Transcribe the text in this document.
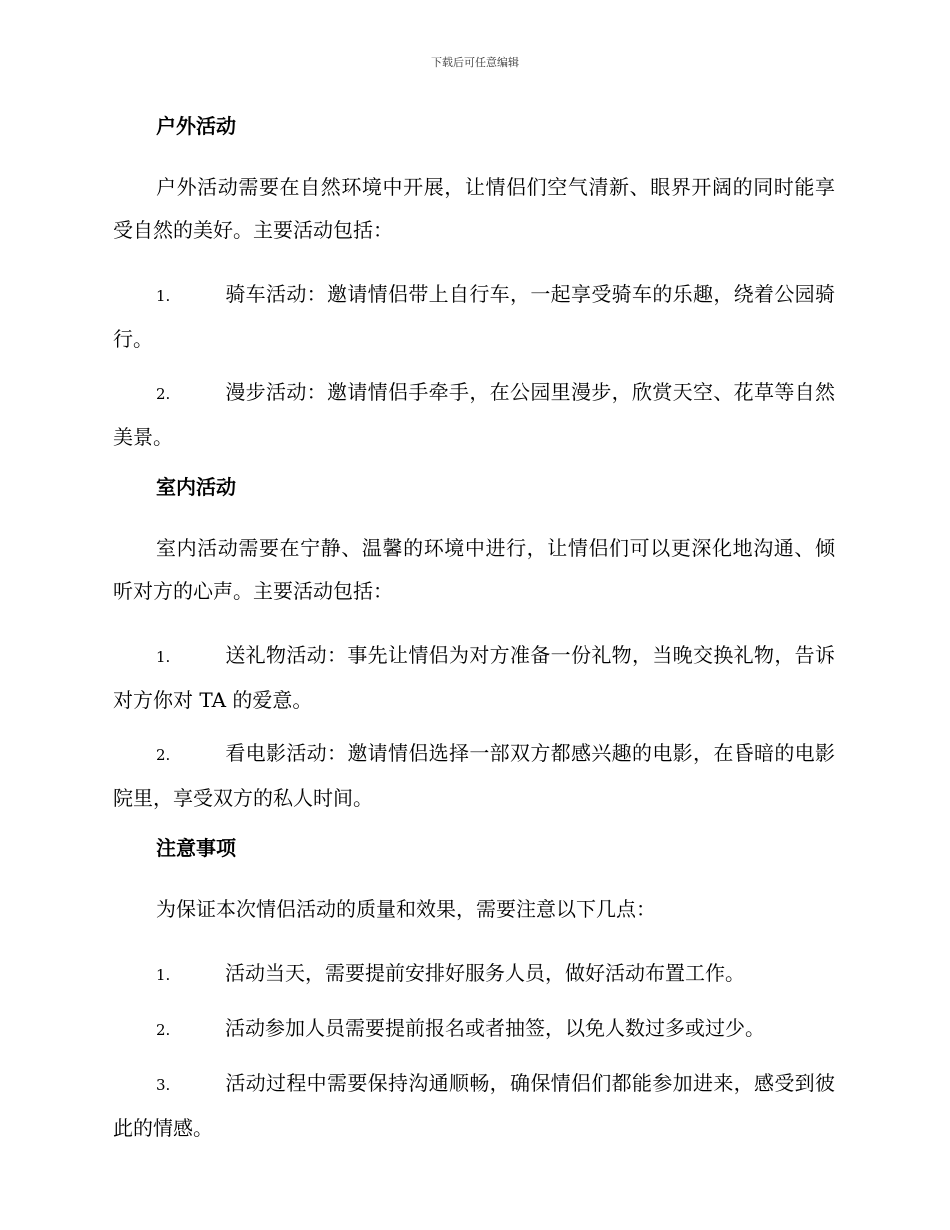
下载后可任意编辑
户外活动

户外活动需要在自然环境中开展，让情侣们空气清新、眼界开阔的同时能享受自然的美好。主要活动包括：

1.	骑车活动：邀请情侣带上自行车，一起享受骑车的乐趣，绕着公园骑行。

2.	漫步活动：邀请情侣手牵手，在公园里漫步，欣赏天空、花草等自然美景。

室内活动

室内活动需要在宁静、温馨的环境中进行，让情侣们可以更深化地沟通、倾听对方的心声。主要活动包括：

1.	送礼物活动：事先让情侣为对方准备一份礼物，当晚交换礼物，告诉对方你对 TA 的爱意。

2.	看电影活动：邀请情侣选择一部双方都感兴趣的电影，在昏暗的电影院里，享受双方的私人时间。

注意事项

为保证本次情侣活动的质量和效果，需要注意以下几点：

1.	活动当天，需要提前安排好服务人员，做好活动布置工作。

2.	活动参加人员需要提前报名或者抽签，以免人数过多或过少。

3.	活动过程中需要保持沟通顺畅，确保情侣们都能参加进来，感受到彼此的情感。
